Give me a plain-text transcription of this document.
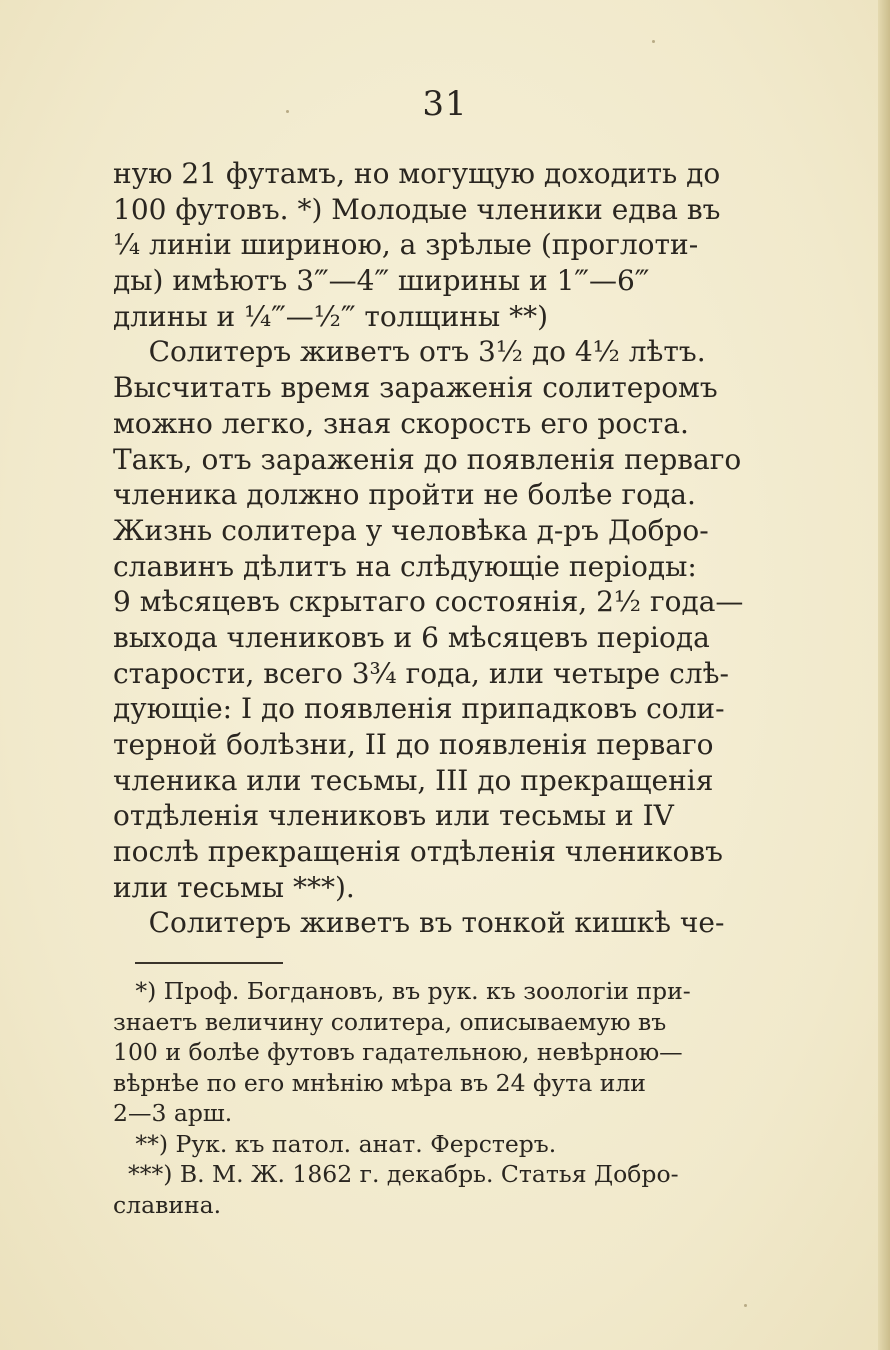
31
ную 21 футамъ, но могущую доходить до
100 футовъ. *) Молодые членики едва въ
¼ линіи шириною, а зрѣлые (проглоти-
ды) имѣютъ 3‴—4‴ ширины и 1‴—6‴
длины и ¼‴—½‴ толщины **)
Солитеръ живетъ отъ 3½ до 4½ лѣтъ.
Высчитать время зараженія солитеромъ
можно легко, зная скорость его роста.
Такъ, отъ зараженія до появленія перваго
членика должно пройти не болѣе года.
Жизнь солитера у человѣка д-ръ Добро-
славинъ дѣлитъ на слѣдующіе періоды:
9 мѣсяцевъ скрытаго состоянія, 2½ года—
выхода члениковъ и 6 мѣсяцевъ періода
старости, всего 3¾ года, или четыре слѣ-
дующіе: I до появленія припадковъ соли-
терной болѣзни, II до появленія перваго
членика или тесьмы, III до прекращенія
отдѣленія члениковъ или тесьмы и IV
послѣ прекращенія отдѣленія члениковъ
или тесьмы ***).
Солитеръ живетъ въ тонкой кишкѣ че-
*) Проф. Богдановъ, въ рук. къ зоологіи при-
знаетъ величину солитера, описываемую въ
100 и болѣе футовъ гадательною, невѣрною—
вѣрнѣе по его мнѣнію мѣра въ 24 фута или
2—3 арш.
**) Рук. къ патол. анат. Ферстеръ.
***) В. М. Ж. 1862 г. декабрь. Статья Добро-
славина.
